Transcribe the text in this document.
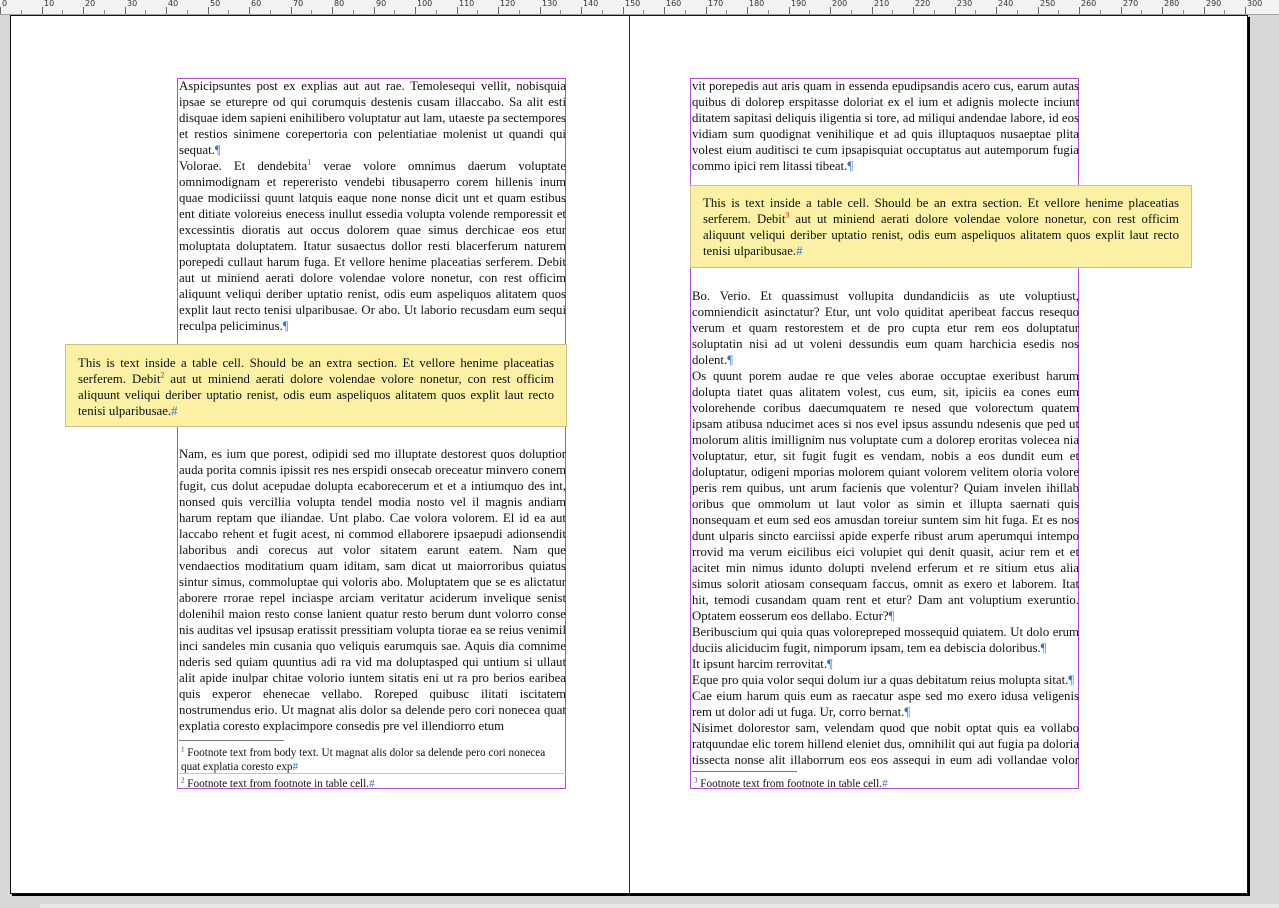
0	10	20	30	40	50	60	70	80	90	100	110	120	130	140	150	160	170	180	190	200	210	220	230	240	250	260	270	280	290	300

Aspicipsuntes post ex explias aut aut rae. Temolesequi vellit, nobisquia ipsae se eturepre od qui corumquis destenis cusam illaccabo. Sa alit esti disquae idem sapieni enihilibero voluptatur aut lam, utaeste pa sectempores et restios sinimene corepertoria con pelentiatiae molenist ut quandi qui sequat.¶

Volorae. Et dendebita$^1$ verae volore omnimus daerum voluptate omnimodignam et repereristo vendebi tibusaperro corem hillenis inum quae modiciissi quunt latquis eaque none nonse dicit unt et quam estibus ent ditiate voloreius enecess inullut essedia volupta volende remporessit et excessintis dioratis aut occus dolorem quae simus derchicae eos etur moluptata doluptatem. Itatur susaectus dollor resti blacerferum naturem porepedi cullaut harum fuga. Et vellore henime placeatias serferem. Debit aut ut miniend aerati dolore volendae volore nonetur, con rest officim aliquunt veliqui deriber uptatio renist, odis eum aspeliquos alitatem quos explit laut recto tenisi ulparibusae. Or abo. Ut laborio recusdam eum sequi reculpa peliciminus.¶

This is text inside a table cell. Should be an extra section. Et vellore henime placeatias serferem. Debit$^2$ aut ut miniend aerati dolore volendae volore nonetur, con rest officim aliquunt veliqui deriber uptatio renist, odis eum aspeliquos alitatem quos explit laut recto tenisi ulparibusae.#

Nam, es ium que porest, odipidi sed mo illuptate destorest quos doluptior auda porita comnis ipissit res nes erspidi onsecab oreceatur minvero conem fugit, cus dolut acepudae dolupta ecaborecerum et et a intiumquo des int, nonsed quis vercillia volupta tendel modia nosto vel il magnis andiam harum reptam que iliandae. Unt plabo. Cae volora volorem. El id ea aut laccabo rehent et fugit acest, ni commod ellaborere ipsaepudi adionsendit laboribus andi corecus aut volor sitatem earunt eatem. Nam que vendaectios moditatium quam iditam, sam dicat ut maiorroribus quiatus sintur simus, commoluptae qui voloris abo. Moluptatem que se es alictatur aborere rrorae repel inciaspe arciam veritatur aciderum invelique senist dolenihil maion resto conse lanient quatur resto berum dunt volorro conse nis auditas vel ipsusap eratissit pressitiam volupta tiorae ea se reius venimil inci sandeles min cusania quo veliquis earumquis sae. Aquis dia comnime nderis sed quiam quuntius adi ra vid ma doluptasped qui untium si ullaut alit apide inulpar chitae volorio iuntem sitatis eni ut ra pro berios earibea quis experor ehenecae vellabo. Roreped quibusc ilitati iscitatem nostrumendus erio. Ut magnat alis dolor sa delende pero cori nonecea quat explatia coresto explacimpore consedis pre vel illendiorro etum

$^1$ Footnote text from body text. Ut magnat alis dolor sa delende pero cori nonecea quat explatia coresto exp#
$^2$ Footnote text from footnote in table cell.#

vit porepedis aut aris quam in essenda epudipsandis acero cus, earum autas quibus di dolorep erspitasse doloriat ex el ium et adignis molecte inciunt ditatem sapitasi deliquis iligentia si tore, ad miliqui andendae labore, id eos vidiam sum quodignat venihilique et ad quis illuptaquos nusaeptae plita volest eium auditisci te cum ipsapisquiat occuptatus aut autemporum fugia commo ipici rem litassi tibeat.¶

This is text inside a table cell. Should be an extra section. Et vellore henime placeatias serferem. Debit$^3$ aut ut miniend aerati dolore volendae volore nonetur, con rest officim aliquunt veliqui deriber uptatio renist, odis eum aspeliquos alitatem quos explit laut recto tenisi ulparibusae.#

Bo. Verio. Et quassimust vollupita dundandiciis as ute voluptiust, comniendicit asinctatur? Etur, unt volo quiditat aperibeat faccus resequo verum et quam restorestem et de pro cupta etur rem eos doluptatur soluptatin nisi ad ut voleni dessundis eum quam harchicia esedis nos dolent.¶

Os quunt porem audae re que veles aborae occuptae exeribust harum dolupta tiatet quas alitatem volest, cus eum, sit, ipiciis ea cones eum volorehende coribus daecumquatem re nesed que volorectum quatem ipsam atibusa nducimet aces si nos evel ipsus assundu ndesenis que ped ut molorum alitis imillignim nus voluptate cum a dolorep eroritas volecea nia voluptatur, etur, sit fugit fugit es vendam, nobis a eos dundit eum et doluptatur, odigeni mporias molorem quiant volorem velitem oloria volore peris rem quibus, unt arum facienis que volentur? Quiam invelen ihillab oribus que ommolum ut laut volor as simin et illupta saernati quis nonsequam et eum sed eos amusdan toreiur suntem sim hit fuga. Et es nos dunt ulparis sincto earciissi apide experfe ribust arum aperumqui intempo rrovid ma verum eicilibus eici volupiet qui denit quasit, aciur rem et et acitet min nimus idunto dolupti nvelend erferum et re sitium etus alia simus solorit atiosam consequam faccus, omnit as exero et laborem. Itat hit, temodi cusandam quam rent et etur? Dam ant voluptium exeruntio. Optatem eosserum eos dellabo. Ectur?¶

Beribuscium qui quia quas volorepreped mossequid quiatem. Ut dolo erum duciis aliciducim fugit, nimporum ipsam, tem ea debiscia doloribus.¶

It ipsunt harcim rerrovitat.¶

Eque pro quia volor sequi dolum iur a quas debitatum reius molupta sitat.¶

Cae eium harum quis eum as raecatur aspe sed mo exero idusa veligenis rem ut dolor adi ut fuga. Ur, corro bernat.¶

Nisimet dolorestor sam, velendam quod que nobit optat quis ea vollabo ratquundae elic torem hillend eleniet dus, omnihilit qui aut fugia pa doloria tissecta nonse alit illaborrum eos eos assequi in eum adi vollandae volor

$^3$ Footnote text from footnote in table cell.#
